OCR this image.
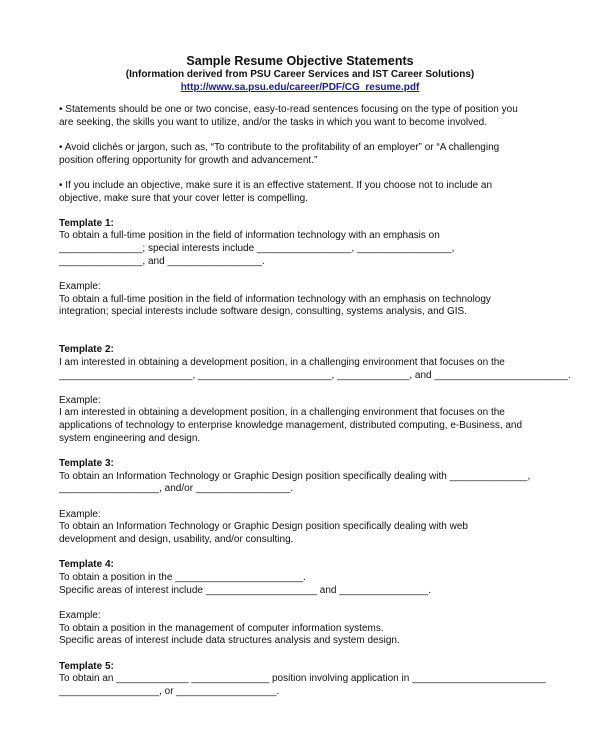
Sample Resume Objective Statements
(Information derived from PSU Career Services and IST Career Solutions)
http://www.sa.psu.edu/career/PDF/CG_resume.pdf

• Statements should be one or two concise, easy-to-read sentences focusing on the type of position you

are seeking, the skills you want to utilize, and/or the tasks in which you want to become involved.

• Avoid clichés or jargon, such as, “To contribute to the profitability of an employer” or “A challenging

position offering opportunity for growth and advancement.”

• If you include an objective, make sure it is an effective statement. If you choose not to include an

objective, make sure that your cover letter is compelling.

Template 1:

To obtain a full-time position in the field of information technology with an emphasis on

_______________; special interests include _________________, _________________,

_______________, and _________________.

Example:

To obtain a full-time position in the field of information technology with an emphasis on technology

integration; special interests include software design, consulting, systems analysis, and GIS.

Template 2:

I am interested in obtaining a development position, in a challenging environment that focuses on the

________________________, ________________________, _____________, and ________________________.

Example:

I am interested in obtaining a development position, in a challenging environment that focuses on the

applications of technology to enterprise knowledge management, distributed computing, e-Business, and

system engineering and design.

Template 3:

To obtain an Information Technology or Graphic Design position specifically dealing with ______________,

__________________, and/or _________________.

Example:

To obtain an Information Technology or Graphic Design position specifically dealing with web

development and design, usability, and/or consulting.

Template 4:

To obtain a position in the _______________________.

Specific areas of interest include ____________________ and ________________.

Example:

To obtain a position in the management of computer information systems.

Specific areas of interest include data structures analysis and system design.

Template 5:

To obtain an _____________ ______________ position involving application in ________________________

__________________, or __________________.
